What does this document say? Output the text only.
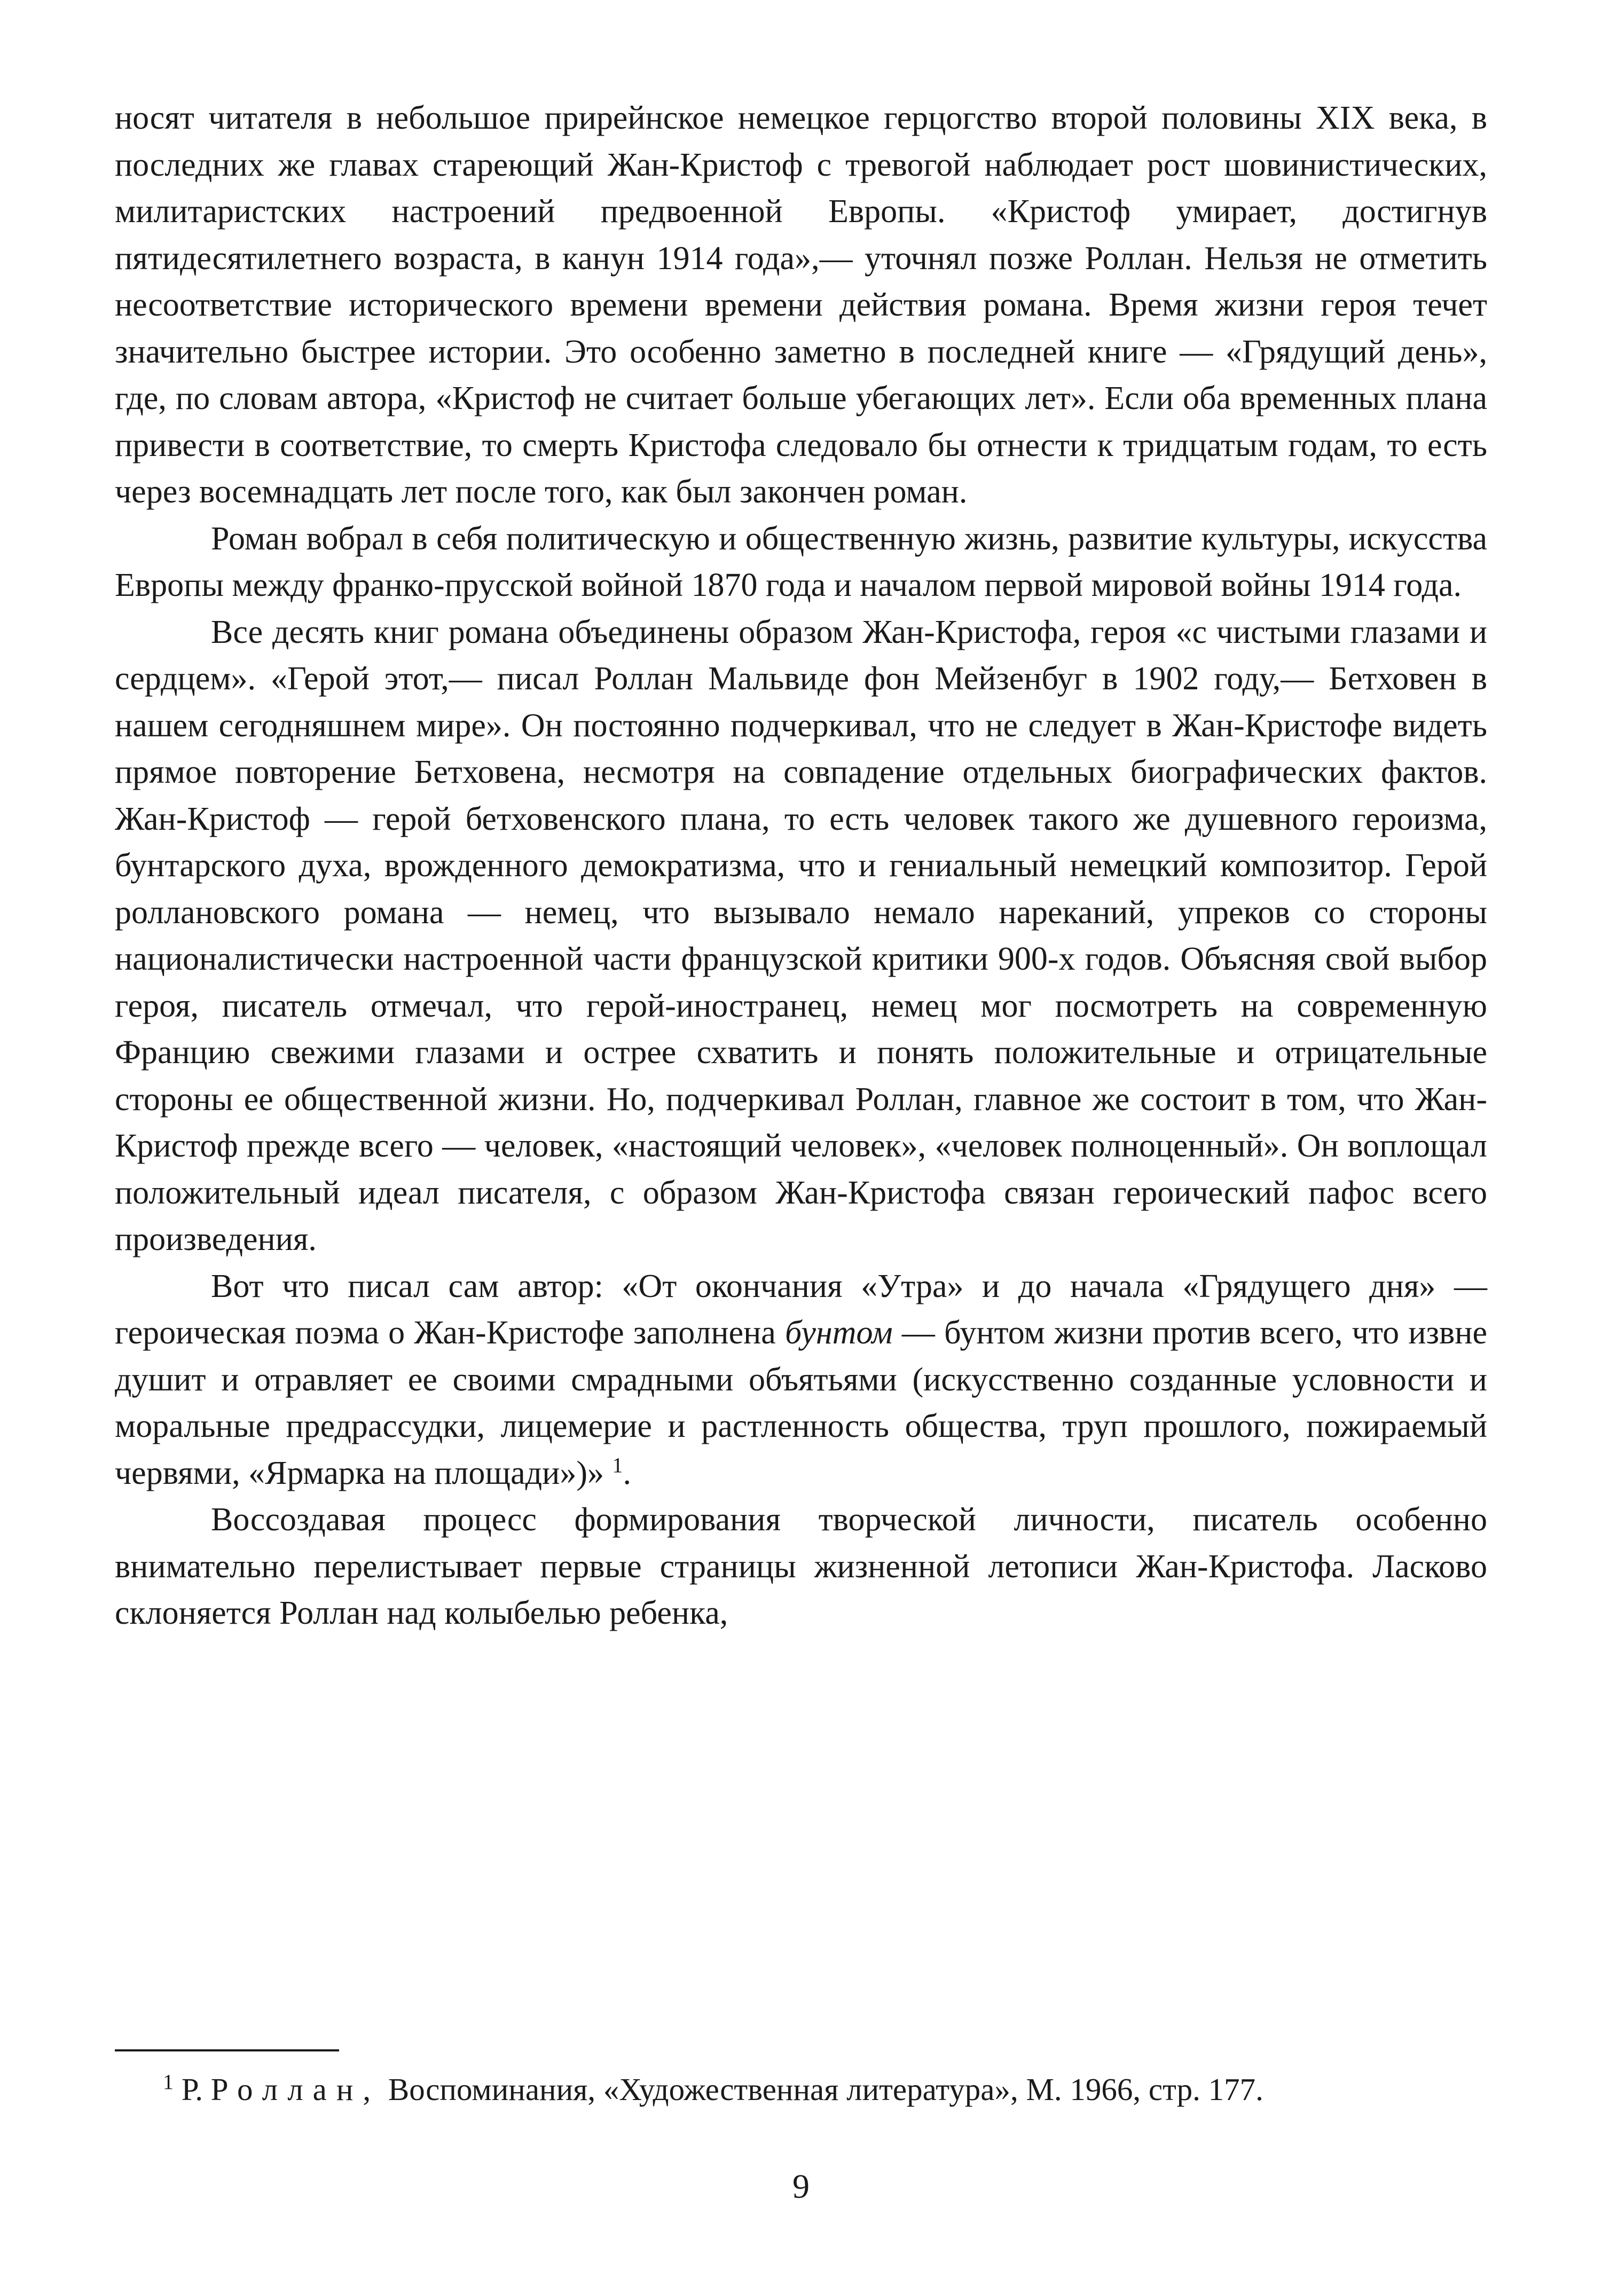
носят читателя в небольшое прирейнское немецкое герцогство второй половины XIX века, в последних же главах стареющий Жан-Кристоф с тревогой наблюдает рост шовинистических, милитаристских настроений предвоенной Европы. «Кристоф умирает, достигнув пятидесятилетнего возраста, в канун 1914 года»,— уточнял позже Роллан. Нельзя не отметить несоответствие исторического времени времени действия романа. Время жизни героя течет значительно быстрее истории. Это особенно заметно в последней книге — «Грядущий день», где, по словам автора, «Кристоф не считает больше убегающих лет». Если оба временных плана привести в соответствие, то смерть Кристофа следовало бы отнести к тридцатым годам, то есть через восемнадцать лет после того, как был закончен роман.

Роман вобрал в себя политическую и общественную жизнь, развитие культуры, искусства Европы между франко-прусской войной 1870 года и началом первой мировой войны 1914 года.

Все десять книг романа объединены образом Жан-Кристофа, героя «с чистыми глазами и сердцем». «Герой этот,— писал Роллан Мальвиде фон Мейзенбуг в 1902 году,— Бетховен в нашем сегодняшнем мире». Он постоянно подчеркивал, что не следует в Жан-Кристофе видеть прямое повторение Бетховена, несмотря на совпадение отдельных биографических фактов. Жан-Кристоф — герой бетховенского плана, то есть человек такого же душевного героизма, бунтарского духа, врожденного демократизма, что и гениальный немецкий композитор. Герой роллановского романа — немец, что вызывало немало нареканий, упреков со стороны националистически настроенной части французской критики 900-х годов. Объясняя свой выбор героя, писатель отмечал, что герой-иностранец, немец мог посмотреть на современную Францию свежими глазами и острее схватить и понять положительные и отрицательные стороны ее общественной жизни. Но, подчеркивал Роллан, главное же состоит в том, что Жан-Кристоф прежде всего — человек, «настоящий человек», «человек полноценный». Он воплощал положительный идеал писателя, с образом Жан-Кристофа связан героический пафос всего произведения.

Вот что писал сам автор: «От окончания «Утра» и до начала «Грядущего дня» — героическая поэма о Жан-Кристофе заполнена бунтом — бунтом жизни против всего, что извне душит и отравляет ее своими смрадными объятьями (искусственно созданные условности и моральные предрассудки, лицемерие и растленность общества, труп прошлого, пожираемый червями, «Ярмарка на площади»)» $^1$.

Воссоздавая процесс формирования творческой личности, писатель особенно внимательно перелистывает первые страницы жизненной летописи Жан-Кристофа. Ласково склоняется Роллан над колыбелью ребенка,

$^1$ Р. Роллан, Воспоминания, «Художественная литература», М. 1966, стр. 177.

9
